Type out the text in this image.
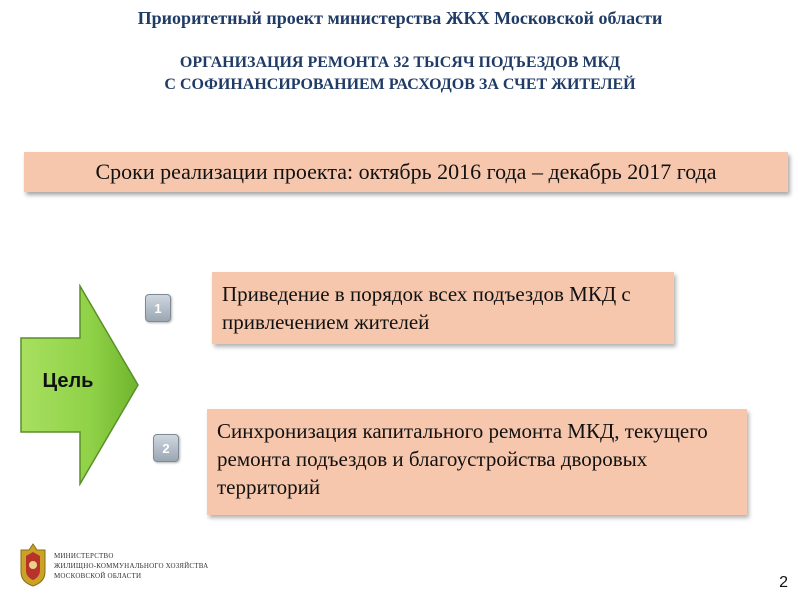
Приоритетный проект министерства ЖКХ Московской области
ОРГАНИЗАЦИЯ РЕМОНТА 32 ТЫСЯЧ ПОДЪЕЗДОВ МКД
С СОФИНАНСИРОВАНИЕМ РАСХОДОВ ЗА СЧЕТ ЖИТЕЛЕЙ
Сроки реализации проекта: октябрь 2016 года – декабрь 2017 года
Цель
1
Приведение в порядок всех подъездов МКД с привлечением жителей
2
Синхронизация капитального ремонта МКД, текущего ремонта подъездов и благоустройства дворовых территорий
МИНИСТЕРСТВО
ЖИЛИЩНО-КОММУНАЛЬНОГО ХОЗЯЙСТВА
МОСКОВСКОЙ ОБЛАСТИ	2
